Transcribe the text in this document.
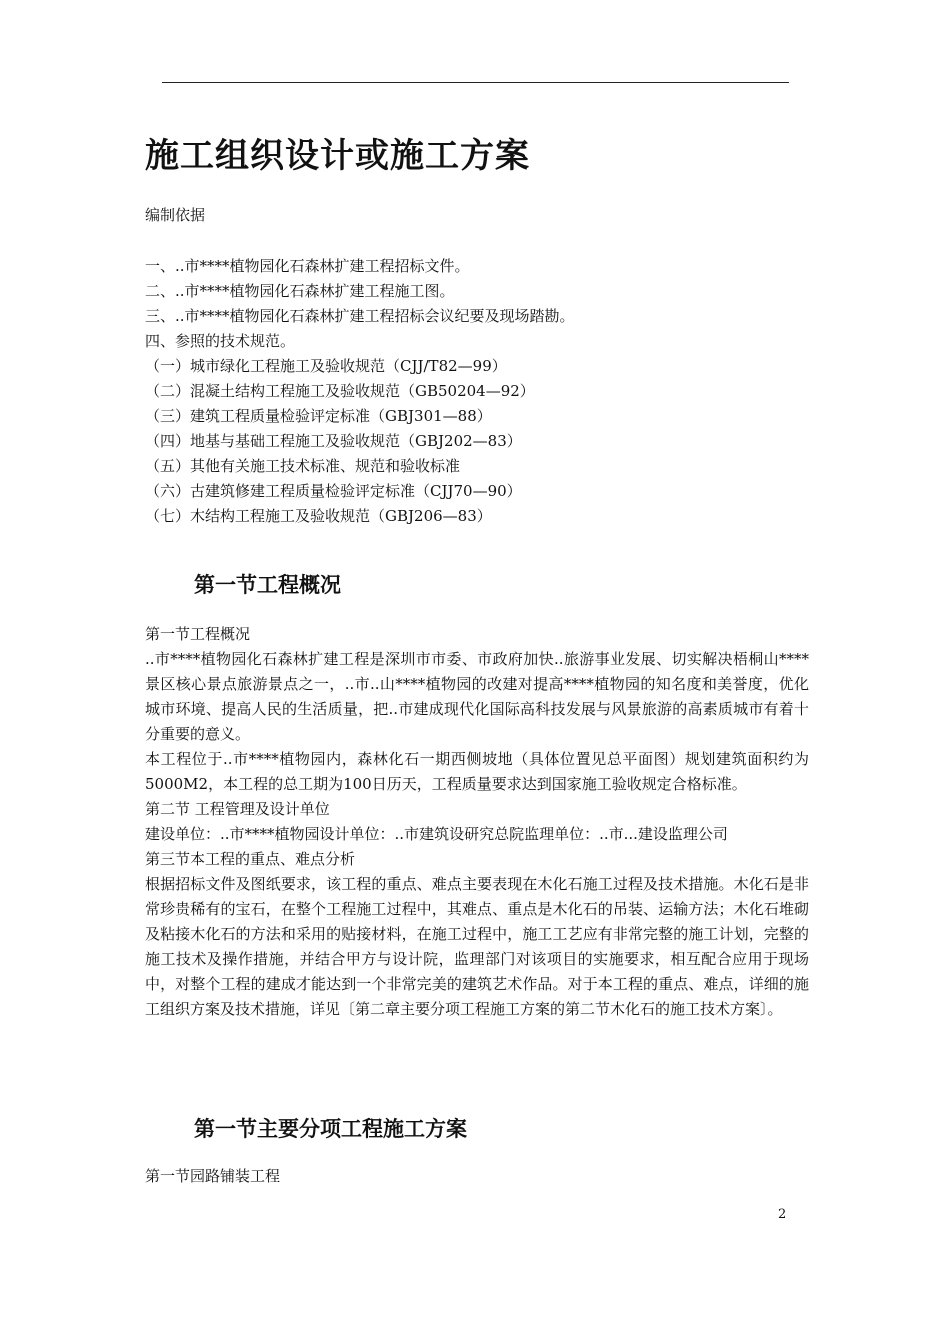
施工组织设计或施工方案
编制依据
一、..市****植物园化石森林扩建工程招标文件。
二、..市****植物园化石森林扩建工程施工图。
三、..市****植物园化石森林扩建工程招标会议纪要及现场踏勘。
四、参照的技术规范。
（一）城市绿化工程施工及验收规范（CJJ/T82—99）
（二）混凝土结构工程施工及验收规范（GB50204—92）
（三）建筑工程质量检验评定标准（GBJ301—88）
（四）地基与基础工程施工及验收规范（GBJ202—83）
（五）其他有关施工技术标准、规范和验收标准
（六）古建筑修建工程质量检验评定标准（CJJ70—90）
（七）木结构工程施工及验收规范（GBJ206—83）
第一节工程概况

第一节工程概况

..市****植物园化石森林扩建工程是深圳市市委、市政府加快..旅游事业发展、切实解决梧桐山****景区核心景点旅游景点之一，..市..山****植物园的改建对提高****植物园的知名度和美誉度，优化城市环境、提高人民的生活质量，把..市建成现代化国际高科技发展与风景旅游的高素质城市有着十分重要的意义。

本工程位于..市****植物园内，森林化石一期西侧坡地（具体位置见总平面图）规划建筑面积约为5000M2，本工程的总工期为100日历天，工程质量要求达到国家施工验收规定合格标准。

第二节 工程管理及设计单位

建设单位：..市****植物园设计单位：..市建筑设研究总院监理单位：..市...建设监理公司

第三节本工程的重点、难点分析

根据招标文件及图纸要求，该工程的重点、难点主要表现在木化石施工过程及技术措施。木化石是非常珍贵稀有的宝石，在整个工程施工过程中，其难点、重点是木化石的吊装、运输方法；木化石堆砌及粘接木化石的方法和采用的贴接材料，在施工过程中，施工工艺应有非常完整的施工计划，完整的施工技术及操作措施，并结合甲方与设计院，监理部门对该项目的实施要求，相互配合应用于现场中，对整个工程的建成才能达到一个非常完美的建筑艺术作品。对于本工程的重点、难点，详细的施工组织方案及技术措施，详见〔第二章主要分项工程施工方案的第二节木化石的施工技术方案〕。

第一节主要分项工程施工方案
第一节园路铺装工程
2
